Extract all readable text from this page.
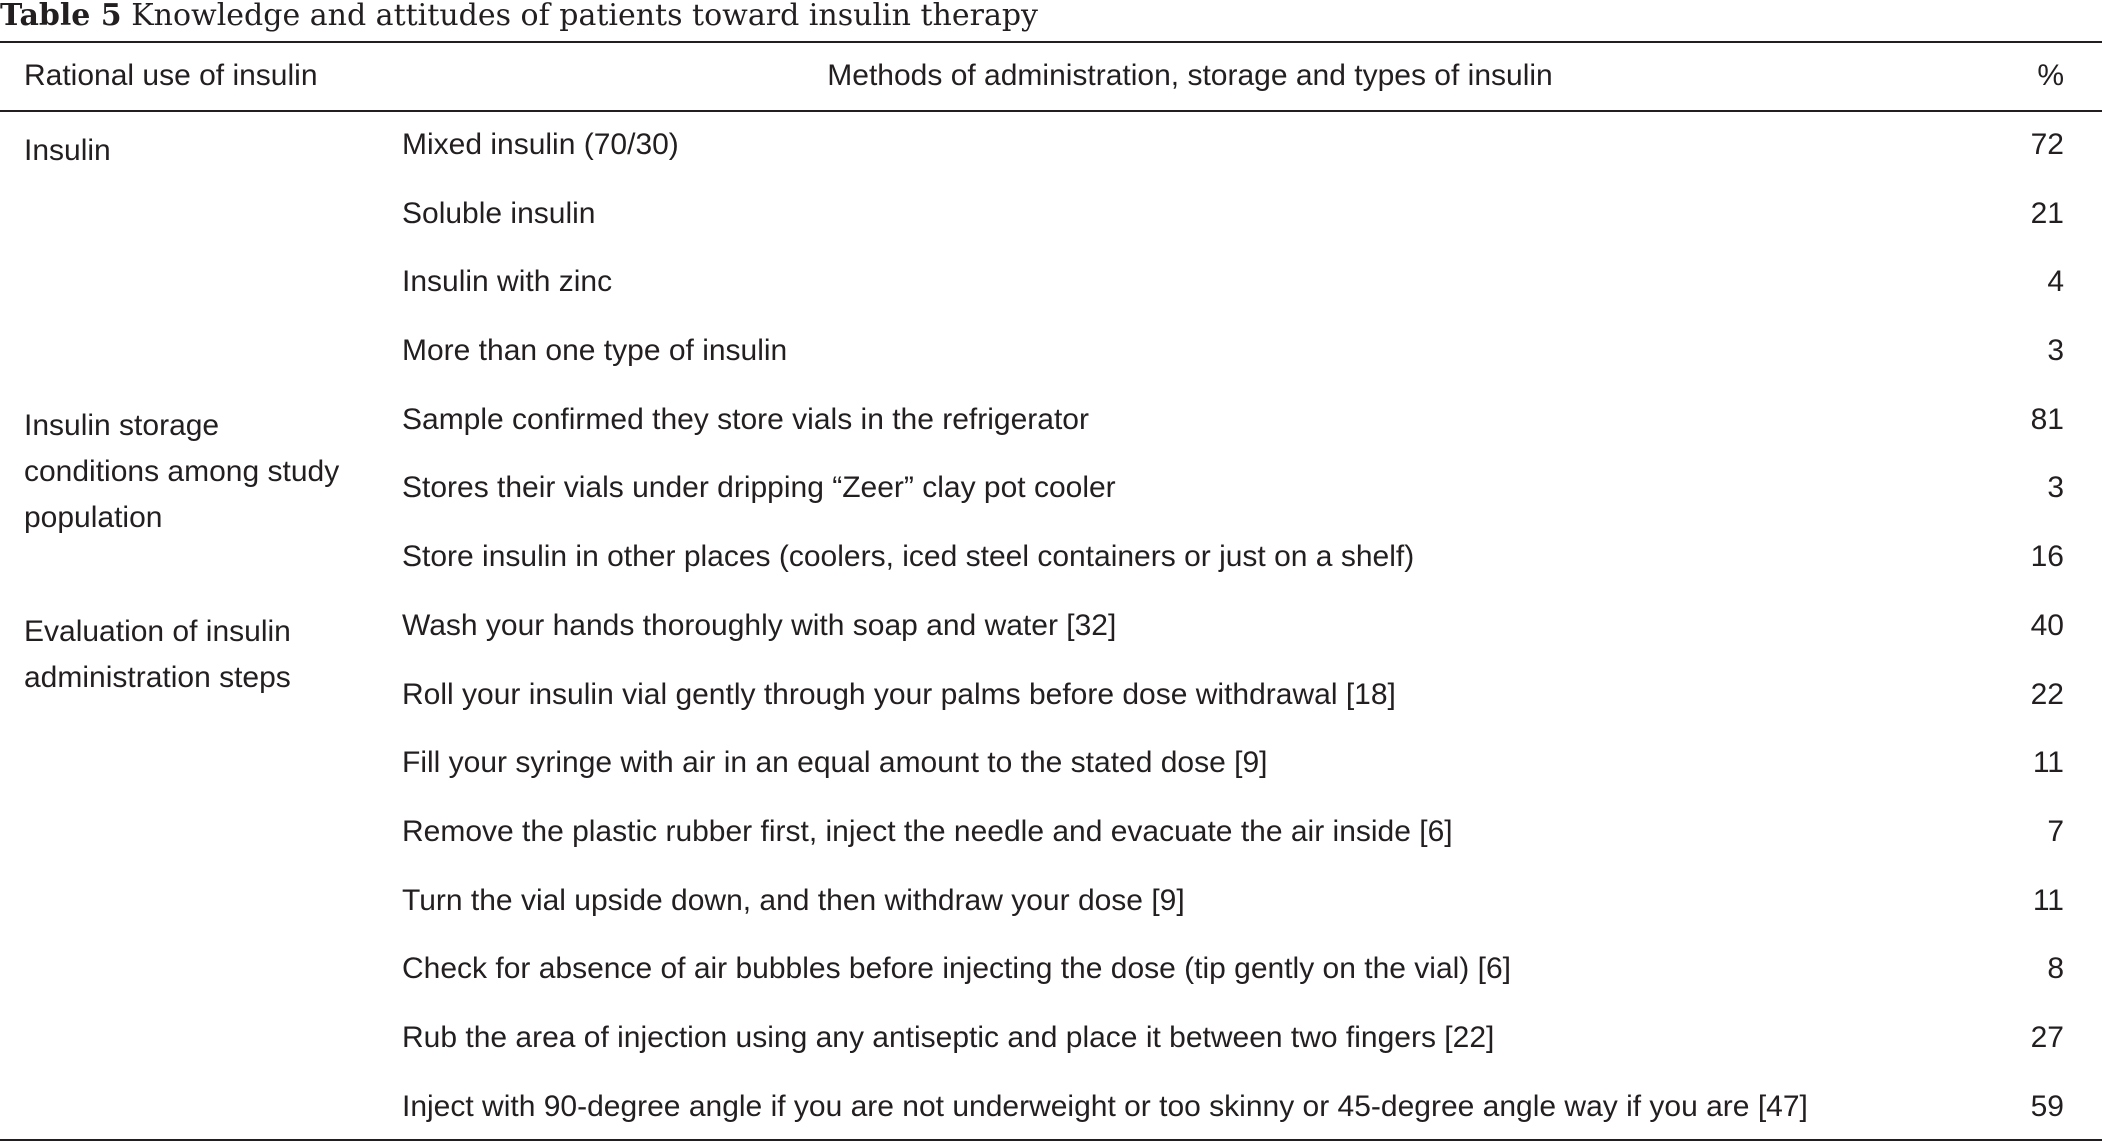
Table 5 Knowledge and attitudes of patients toward insulin therapy
Rational use of insulin	Methods of administration, storage and types of insulin	%
Insulin	Mixed insulin (70/30)	72
Soluble insulin	21
Insulin with zinc	4
More than one type of insulin	3
Insulin storage conditions among study population
Sample confirmed they store vials in the refrigerator	81
Stores their vials under dripping “Zeer” clay pot cooler	3
Store insulin in other places (coolers, iced steel containers or just on a shelf)	16
Evaluation of insulin administration steps
Wash your hands thoroughly with soap and water [32]	40
Roll your insulin vial gently through your palms before dose withdrawal [18]	22
Fill your syringe with air in an equal amount to the stated dose [9]	11
Remove the plastic rubber first, inject the needle and evacuate the air inside [6]	7
Turn the vial upside down, and then withdraw your dose [9]	11
Check for absence of air bubbles before injecting the dose (tip gently on the vial) [6]	8
Rub the area of injection using any antiseptic and place it between two fingers [22]	27
Inject with 90-degree angle if you are not underweight or too skinny or 45-degree angle way if you are [47]	59
